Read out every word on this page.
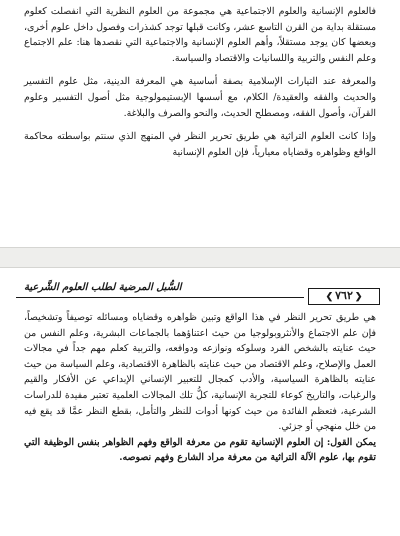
فالعلوم الإنسانية والعلوم الاجتماعية هي مجموعة من العلوم النظرية التي انفصلت كعلوم مستقلة بداية من القرن التاسع عشر، وكانت قبلها توجد كشذرات وفصول داخل علوم أخرى، وبعضها كان يوجد مستقلاً، وأهم العلوم الإنسانية والاجتماعية التي نقصدها هنا: علم الاجتماع وعلم النفس والتربية واللسانيات والاقتصاد والسياسة.

والمعرفة عند التيارات الإسلامية بصفة أساسية هي المعرفة الدينية، مثل علوم التفسير والحديث والفقه والعقيدة/ الكلام، مع أسسها الإبستيمولوجية مثل أصول التفسير وعلوم القرآن، وأصول الفقه، ومصطلح الحديث، والنحو والصرف والبلاغة.

وإذا كانت العلوم التراثية هي طريق تحرير النظر في المنهج الذي سنتم بواسطته محاكمة الواقع وظواهره وقضاياه معيارياً، فإن العلوم الإنسانية

❮٧٦٢❯
السُّبل المرضية لطلب العلوم الشَّرعية

هي طريق تحرير النظر في هذا الواقع وتبين ظواهره وقضاياه ومسائله توصيفاً وتشخيصاً، فإن علم الاجتماع والأنثروبولوجيا من حيث اعتناؤهما بالجماعات البشرية، وعلم النفس من حيث عنايته بالشخص الفرد وسلوكه ونوازعه ودوافعه، والتربية كعلم مهم جداً في مجالات العمل والإصلاح، وعلم الاقتصاد من حيث عنايته بالظاهرة الاقتصادية، وعلم السياسة من حيث عنايته بالظاهرة السياسية، والأدب كمجال للتعبير الإنساني الإبداعي عن الأفكار والقيم والرغبات، والتاريخ كوعاء للتجربة الإنسانية، كلُّ تلك المجالات العلمية تعتبر مفيدة للدراسات الشرعية، فتعظم الفائدة من حيث كونها أدوات للنظر والتأمل، بقطع النظر عمَّا قد يقع فيه من خلل منهجي أو جزئي.

يمكن القول: إن العلوم الإنسانية تقوم من معرفة الواقع وفهم الظواهر بنفس الوظيفة التي تقوم بها، علوم الآلة التراثية من معرفة مراد الشارع وفهم نصوصه.
